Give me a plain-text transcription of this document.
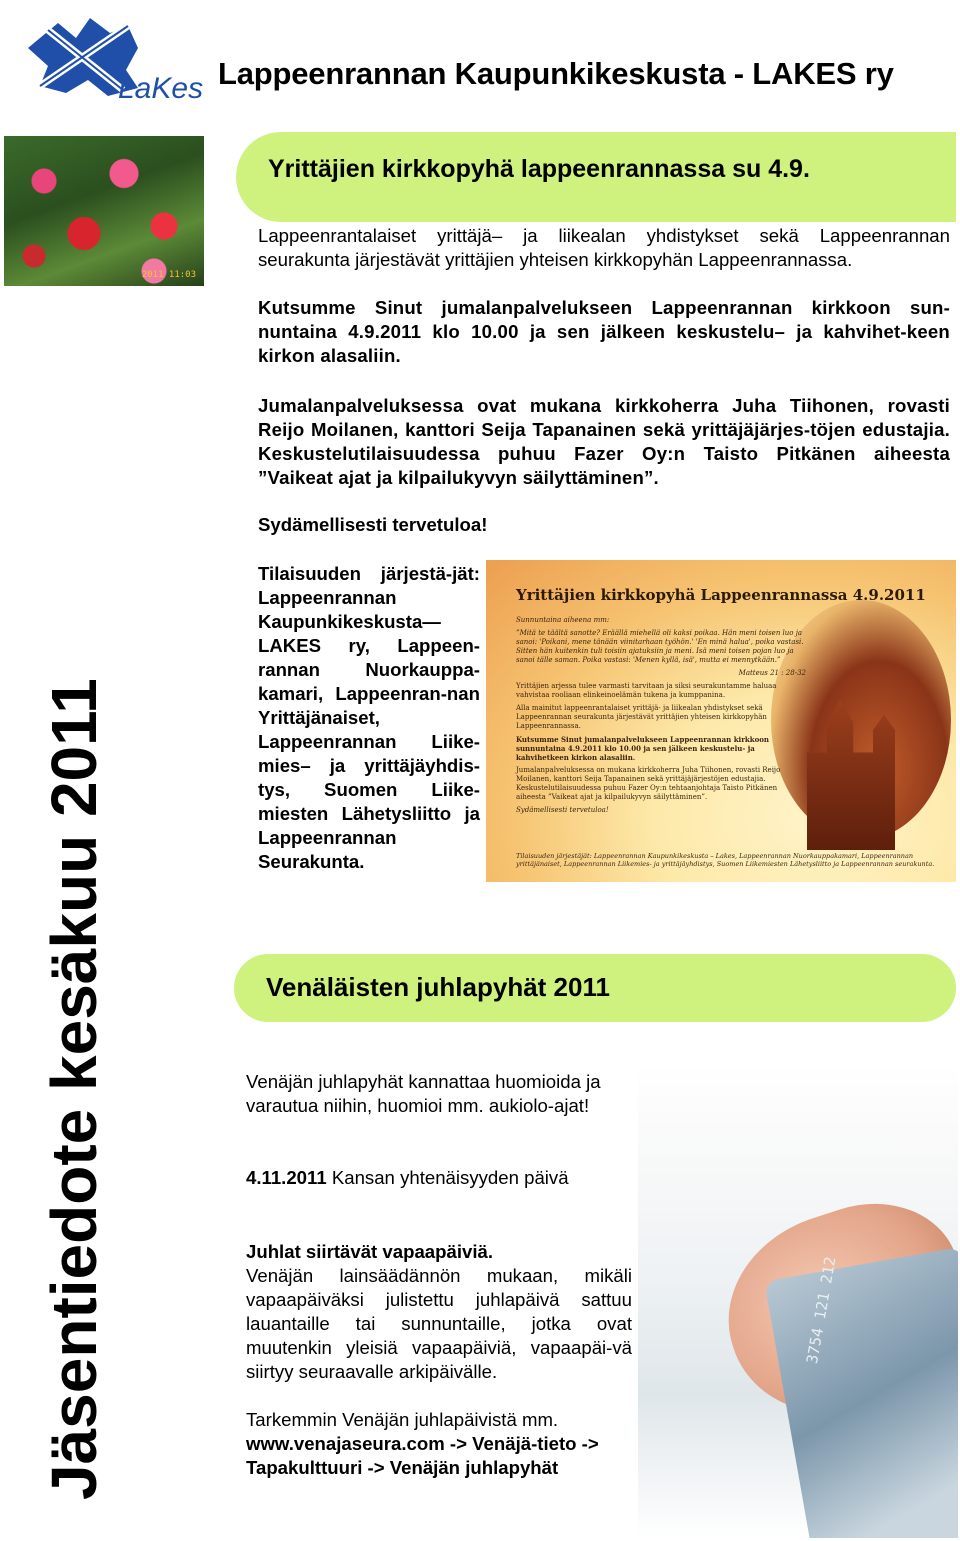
LaKes Lappeenrannan Kaupunkikeskusta - LAKES ry
2011 11:03
Jäsentiedote kesäkuu 2011
Yrittäjien kirkkopyhä lappeenrannassa su 4.9.
Lappeenrantalaiset yrittäjä– ja liikealan yhdistykset sekä Lappeenrannan seurakunta järjestävät yrittäjien yhteisen kirkkopyhän Lappeenrannassa.
Kutsumme Sinut jumalanpalvelukseen Lappeenrannan kirkkoon sun-nuntaina 4.9.2011 klo 10.00 ja sen jälkeen keskustelu– ja kahvihet-keen kirkon alasaliin.
Jumalanpalveluksessa ovat mukana kirkkoherra Juha Tiihonen, rovasti Reijo Moilanen, kanttori Seija Tapanainen sekä yrittäjäjärjes-töjen edustajia. Keskustelutilaisuudessa puhuu Fazer Oy:n Taisto Pitkänen aiheesta ”Vaikeat ajat ja kilpailukyvyn säilyttäminen”.
Sydämellisesti tervetuloa!
Tilaisuuden järjestä-jät: Lappeenrannan Kaupunkikeskusta— LAKES ry, Lappeen-rannan Nuorkauppa-kamari, Lappeenran-nan Yrittäjänaiset, Lappeenrannan Liike-mies– ja yrittäjäyhdis-tys, Suomen Liike-miesten Lähetysliitto ja Lappeenrannan Seurakunta.
Yrittäjien kirkkopyhä Lappeenrannassa 4.9.2011
Sunnuntaina aiheena mm:
”Mitä te täältä sanotte? Eräällä miehellä oli kaksi poikaa. Hän meni toisen luo ja sanoi: 'Poikani, mene tänään viinitarhaan työhön.' 'En minä halua', poika vastasi. Sitten hän kuitenkin tuli toisiin ajatuksiin ja meni. Isä meni toisen pojan luo ja sanoi tälle saman. Poika vastasi: 'Menen kyllä, isä', mutta ei mennytkään.”
Matteus 21 : 28-32
Yrittäjien arjessa tulee varmasti tarvitaan ja siksi seurakuntamme haluaa vahvistaa rooliaan elinkeinoelämän tukena ja kumppanina.
Alla mainitut lappeenrantalaiset yrittäjä- ja liikealan yhdistykset sekä Lappeenrannan seurakunta järjestävät yrittäjien yhteisen kirkkopyhän Lappeenrannassa.
Kutsumme Sinut jumalanpalvelukseen Lappeenrannan kirkkoon sunnuntaina 4.9.2011 klo 10.00 ja sen jälkeen keskustelu- ja kahvihetkeen kirkon alasaliin.
Jumalanpalveluksessa on mukana kirkkoherra Juha Tiihonen, rovasti Reijo Moilanen, kanttori Seija Tapanainen sekä yrittäjäjärjestöjen edustajia. Keskustelutilaisuudessa puhuu Fazer Oy:n tehtaanjohtaja Taisto Pitkänen aiheesta ”Vaikeat ajat ja kilpailukyvyn säilyttäminen”.
Sydämellisesti tervetuloa!
Tilaisuuden järjestäjät: Lappeenrannan Kaupunkikeskusta – Lakes, Lappeenrannan Nuorkauppakamari, Lappeenrannan yrittäjänaiset, Lappeenrannan Liikemies- ja yrittäjäyhdistys, Suomen Liikemiesten Lähetysliitto ja Lappeenrannan seurakunta.
Venäläisten juhlapyhät 2011
Venäjän juhlapyhät kannattaa huomioida ja varautua niihin, huomioi mm. aukiolo-ajat!
4.11.2011 Kansan yhtenäisyyden päivä
Juhlat siirtävät vapaapäiviä.
Venäjän lainsäädännön mukaan, mikäli vapaapäiväksi julistettu juhlapäivä sattuu lauantaille tai sunnuntaille, jotka ovat muutenkin yleisiä vapaapäiviä, vapaapäi-vä siirtyy seuraavalle arkipäivälle.
Tarkemmin Venäjän juhlapäivistä mm.
www.venajaseura.com -> Venäjä-tieto -> Tapakulttuuri -> Venäjän juhlapyhät
3754 121 212
